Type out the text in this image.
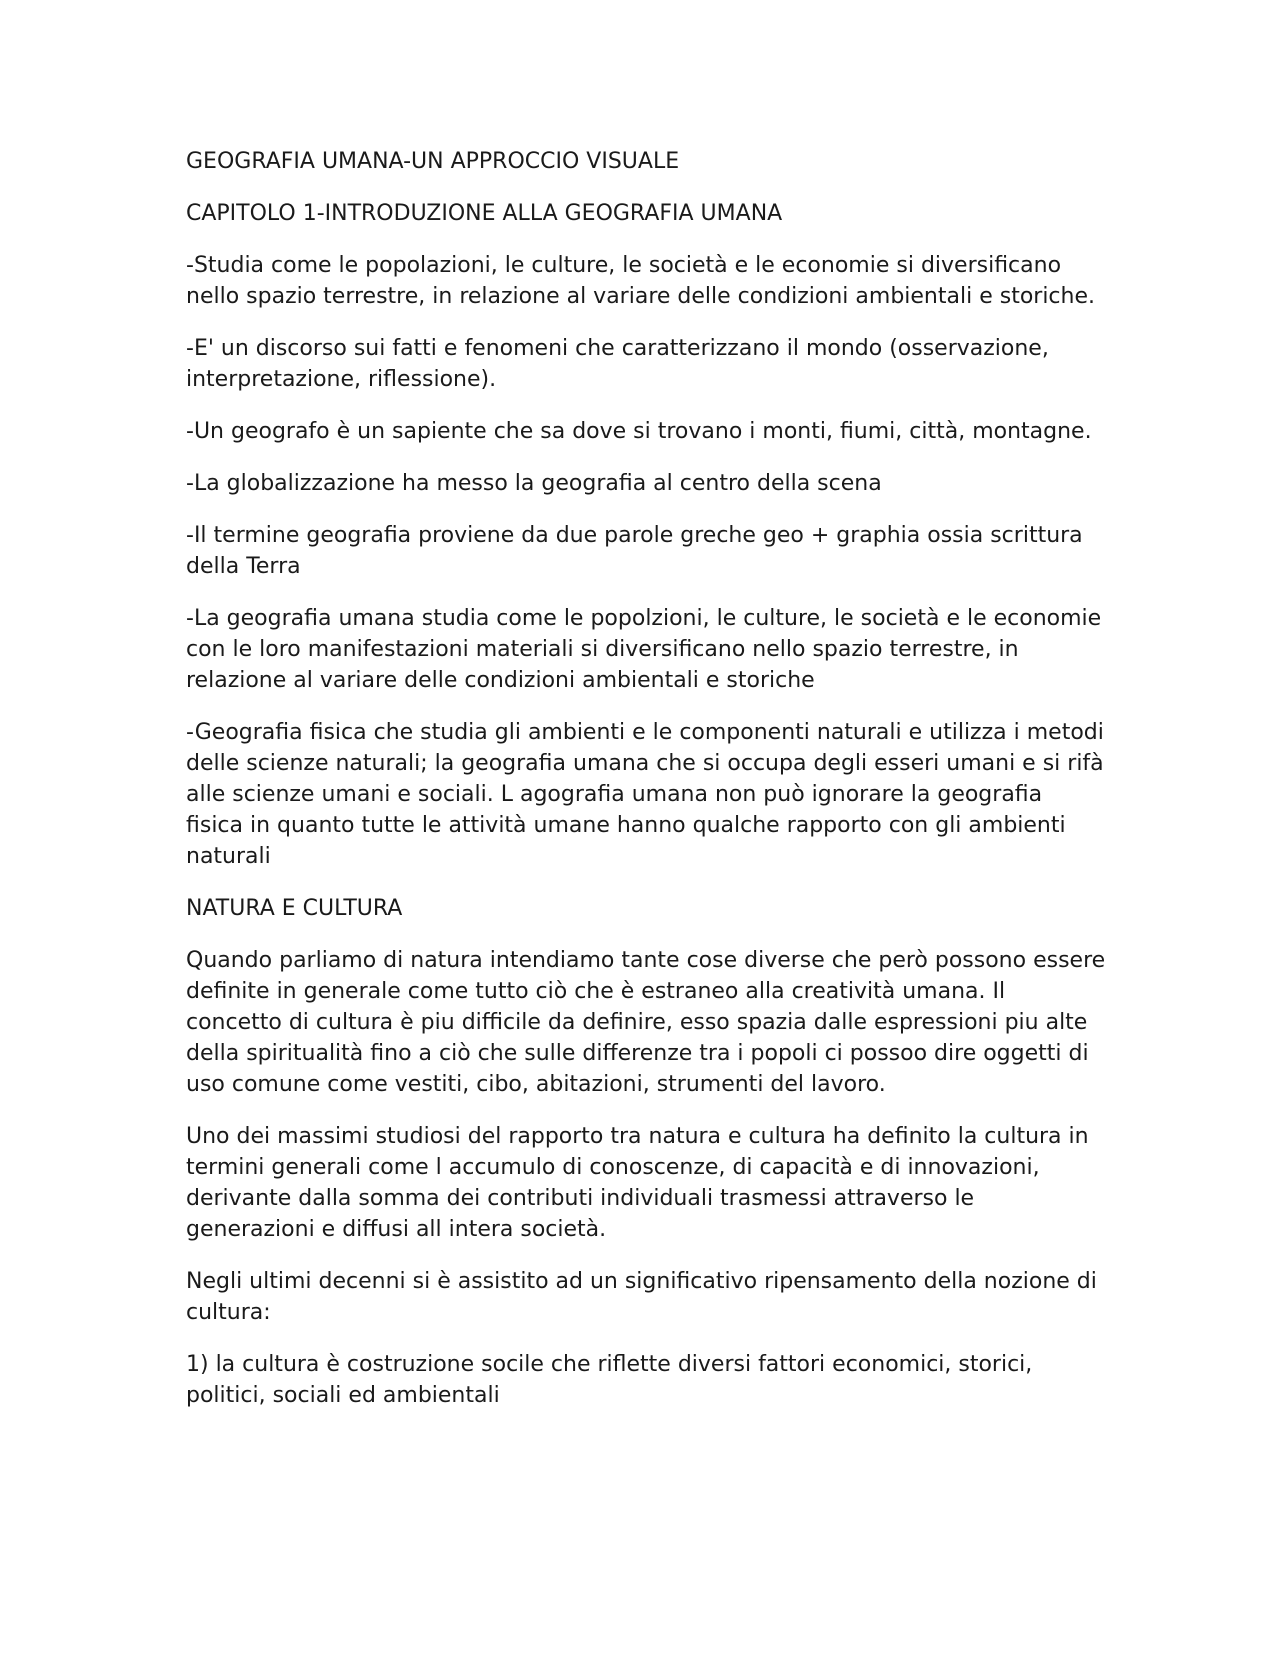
GEOGRAFIA UMANA-UN APPROCCIO VISUALE

CAPITOLO 1-INTRODUZIONE ALLA GEOGRAFIA UMANA

-Studia come le popolazioni, le culture, le società e le economie si diversificano nello spazio terrestre, in relazione al variare delle condizioni ambientali e storiche.

-E' un discorso sui fatti e fenomeni che caratterizzano il mondo (osservazione, interpretazione, riflessione).

-Un geografo è un sapiente che sa dove si trovano i monti, fiumi, città, montagne.

-La globalizzazione ha messo la geografia al centro della scena

-Il termine geografia proviene da due parole greche geo + graphia ossia scrittura della Terra

-La geografia umana studia come le popolzioni, le culture, le società e le economie con le loro manifestazioni materiali si diversificano nello spazio terrestre, in relazione al variare delle condizioni ambientali e storiche

-Geografia fisica che studia gli ambienti e le componenti naturali e utilizza i metodi delle scienze naturali; la geografia umana che si occupa degli esseri umani e si rifà alle scienze umani e sociali. L agografia umana non può ignorare la geografia fisica in quanto tutte le attività umane hanno qualche rapporto con gli ambienti naturali

NATURA E CULTURA

Quando parliamo di natura intendiamo tante cose diverse che però possono essere definite in generale come tutto ciò che è estraneo alla creatività umana. Il concetto di cultura è piu difficile da definire, esso spazia dalle espressioni piu alte della spiritualità fino a ciò che sulle differenze tra i popoli ci possoo dire oggetti di uso comune come vestiti, cibo, abitazioni, strumenti del lavoro.

Uno dei massimi studiosi del rapporto tra natura e cultura ha definito la cultura in termini generali come l accumulo di conoscenze, di capacità e di innovazioni, derivante dalla somma dei contributi individuali trasmessi attraverso le generazioni e diffusi all intera società.

Negli ultimi decenni si è assistito ad un significativo ripensamento della nozione di cultura:

1) la cultura è costruzione socile che riflette diversi fattori economici, storici, politici, sociali ed ambientali
